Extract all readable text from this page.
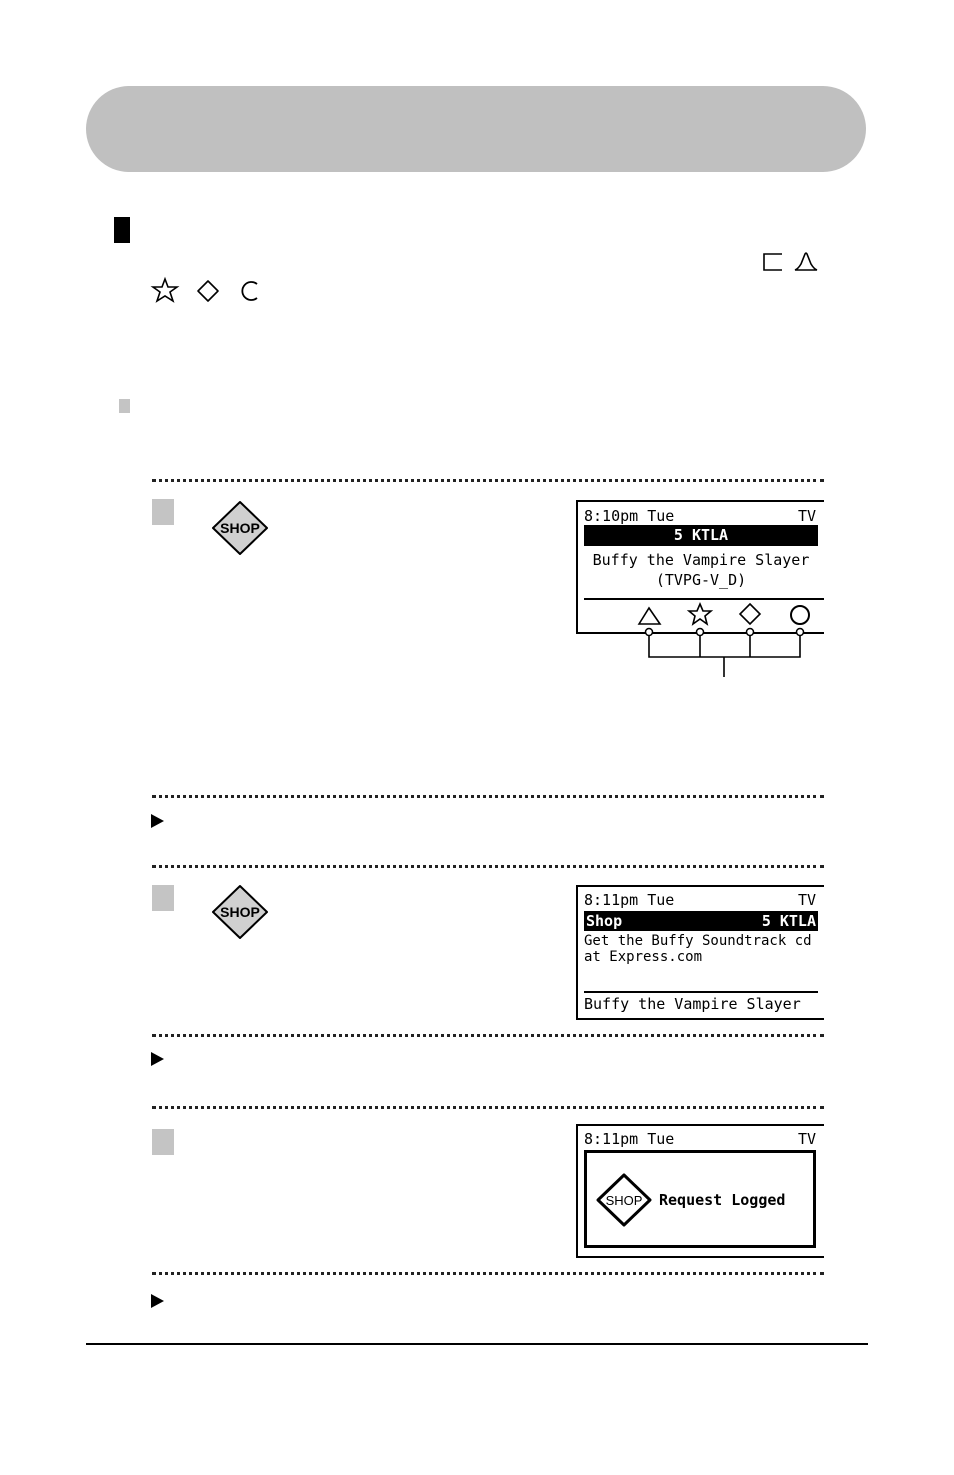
SHOP
SHOP
8:10pm Tue	TV
5 KTLA
Buffy the Vampire Slayer
(TVPG-V_D)
8:11pm Tue	TV
Shop	5 KTLA
Get the Buffy Soundtrack cd
at Express.com
Buffy the Vampire Slayer
8:11pm Tue	TV
SHOP Request Logged
